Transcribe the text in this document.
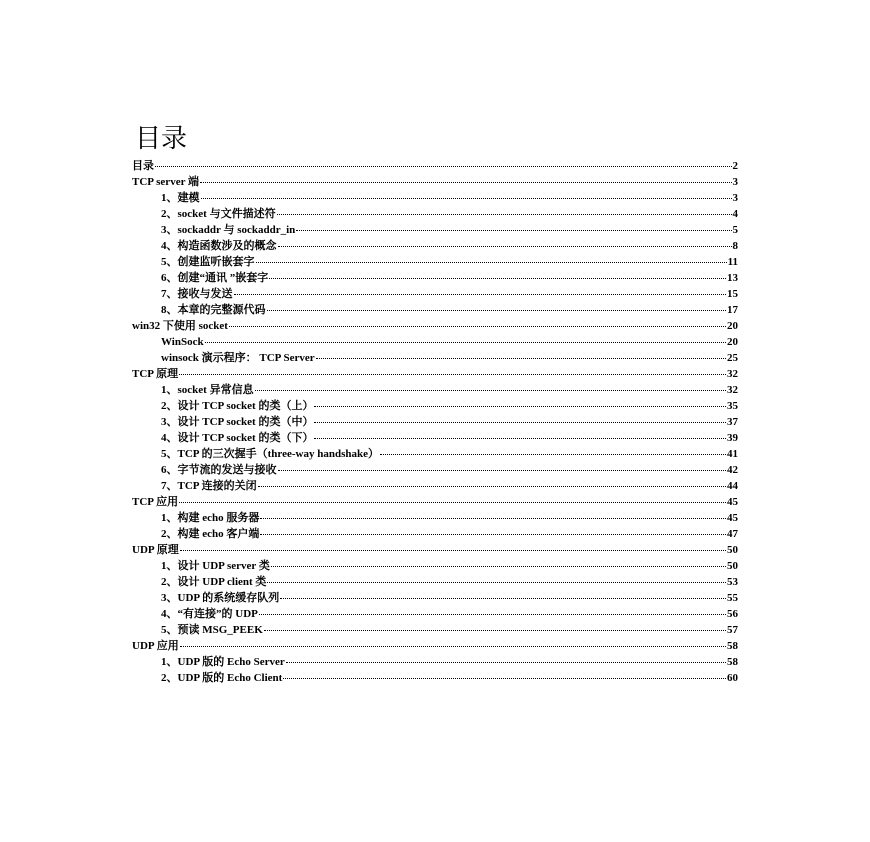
目录
目录	2
TCP server 端	3
1、建模	3
2、socket 与文件描述符	4
3、sockaddr 与 sockaddr_in	5
4、构造函数涉及的概念	8
5、创建监听嵌套字	11
6、创建“通讯 ”嵌套字	13
7、接收与发送	15
8、本章的完整源代码	17
win32 下使用 socket	20
WinSock	20
winsock 演示程序： TCP Server	25
TCP 原理	32
1、socket 异常信息	32
2、设计 TCP socket 的类（上）	35
3、设计 TCP socket 的类（中）	37
4、设计 TCP socket 的类（下）	39
5、TCP 的三次握手（three-way handshake）	41
6、字节流的发送与接收	42
7、TCP 连接的关闭	44
TCP 应用	45
1、构建 echo 服务器	45
2、构建 echo 客户端	47
UDP 原理	50
1、设计 UDP server 类	50
2、设计 UDP client 类	53
3、UDP 的系统缓存队列	55
4、“有连接”的 UDP	56
5、预读 MSG_PEEK	57
UDP 应用	58
1、UDP 版的 Echo Server	58
2、UDP 版的 Echo Client	60
